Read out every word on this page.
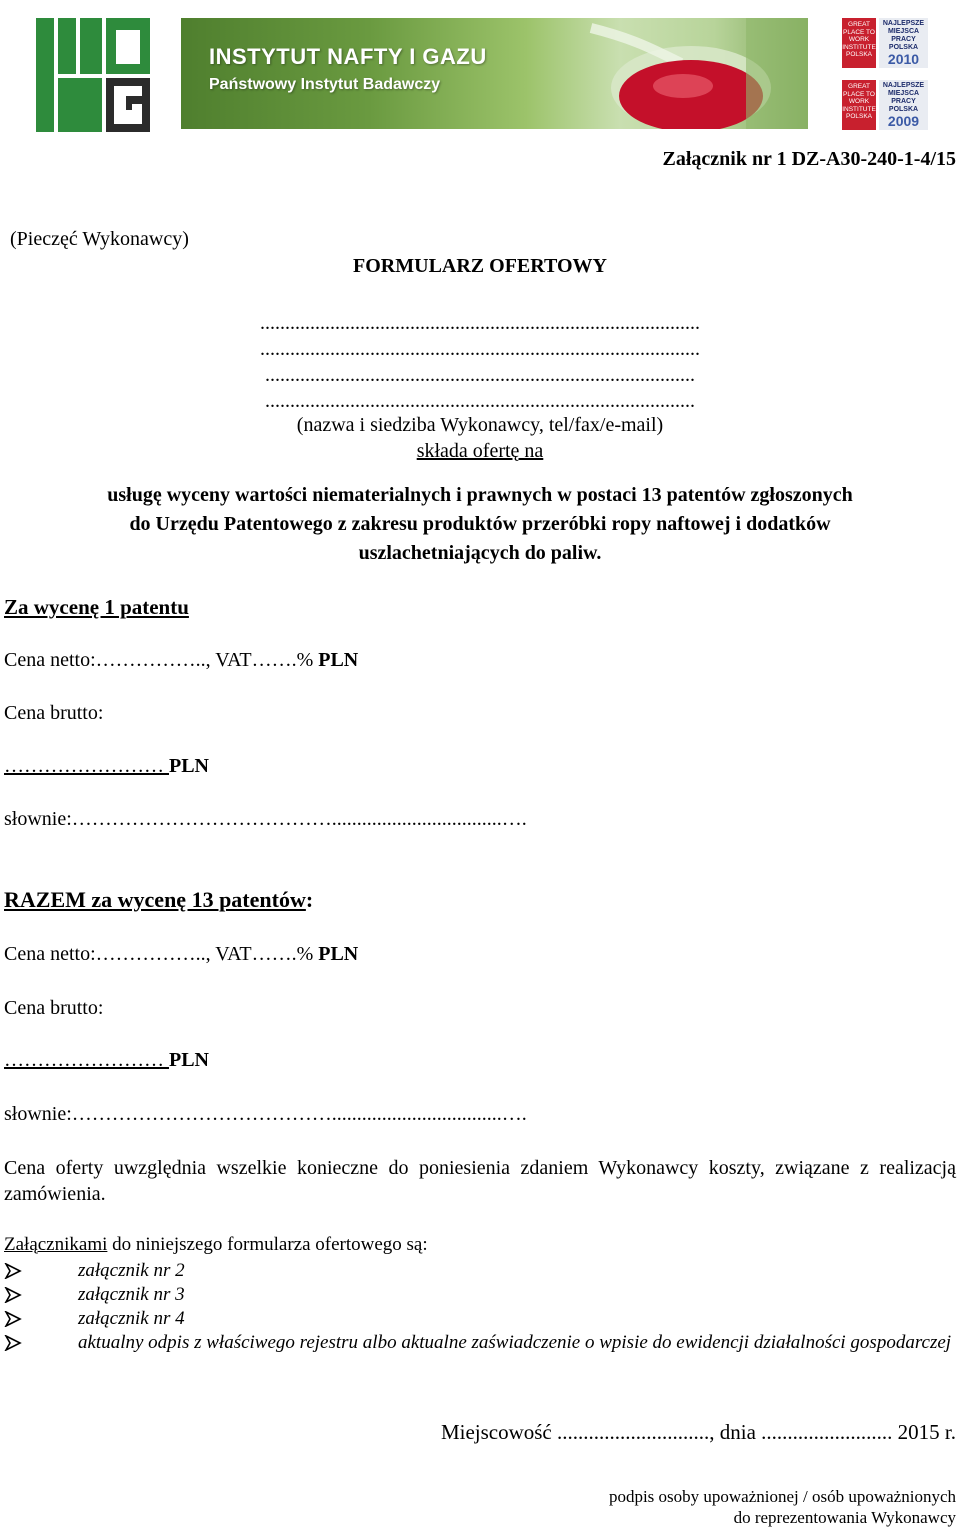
INSTYTUT NAFTY I GAZU
Państwowy Instytut Badawczy
GREAT PLACE TO WORK INSTITUTE POLSKA
NAJLEPSZE MIEJSCA PRACY POLSKA
2010
GREAT PLACE TO WORK INSTITUTE POLSKA
NAJLEPSZE MIEJSCA PRACY POLSKA
2009
Załącznik nr 1 DZ-A30-240-1-4/15
(Pieczęć Wykonawcy)
FORMULARZ OFERTOWY
........................................................................................
........................................................................................
......................................................................................
......................................................................................
(nazwa i siedziba Wykonawcy, tel/fax/e-mail)
składa ofertę na
usługę wyceny wartości niematerialnych i prawnych w postaci 13 patentów zgłoszonych
do Urzędu Patentowego z zakresu produktów przeróbki ropy naftowej i dodatków
uszlachetniających do paliw.
Za wycenę 1 patentu
Cena netto:…………….., VAT…….% PLN
Cena brutto:
…………………… PLN
słownie:…………………………………..................................….
RAZEM za wycenę 13 patentów:
Cena netto:…………….., VAT…….% PLN
Cena brutto:
…………………… PLN
słownie:…………………………………..................................….
Cena oferty uwzględnia wszelkie konieczne do poniesienia zdaniem Wykonawcy koszty, związane z realizacją zamówienia.
Załącznikami do niniejszego formularza ofertowego są:
załącznik nr 2
załącznik nr 3
załącznik nr 4
aktualny odpis z właściwego rejestru albo aktualne zaświadczenie o wpisie do ewidencji działalności gospodarczej
Miejscowość ............................., dnia ......................... 2015 r.
podpis osoby upoważnionej / osób upoważnionych
do reprezentowania Wykonawcy
